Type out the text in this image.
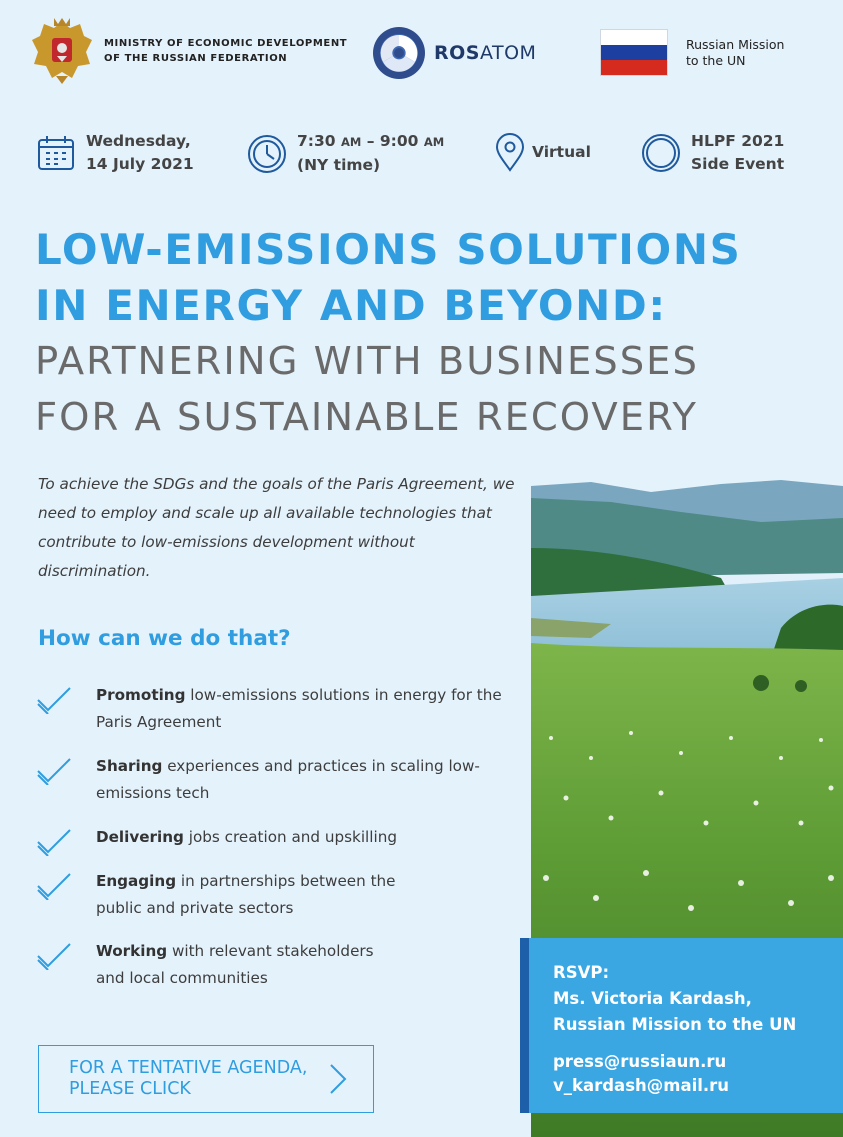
MINISTRY OF ECONOMIC DEVELOPMENT
OF THE RUSSIAN FEDERATION	ROSATOM	Russian Mission
to the UN
Wednesday,
14 July 2021
7:30 AM – 9:00 AM
(NY time)
Virtual
HLPF 2021
Side Event
LOW-EMISSIONS SOLUTIONS
IN ENERGY AND BEYOND:
PARTNERING WITH BUSINESSES
FOR A SUSTAINABLE RECOVERY
To achieve the SDGs and the goals of the Paris Agreement, we need to employ and scale up all available technologies that contribute to low-emissions development without discrimination.
How can we do that?
Promoting low-emissions solutions in energy for the Paris Agreement
Sharing experiences and practices in scaling low-emissions tech
Delivering jobs creation and upskilling
Engaging in partnerships between the public and private sectors
Working with relevant stakeholders and local communities
FOR A TENTATIVE AGENDA,
PLEASE CLICK
RSVP:
Ms. Victoria Kardash,
Russian Mission to the UN
press@russiaun.ru
v_kardash@mail.ru
